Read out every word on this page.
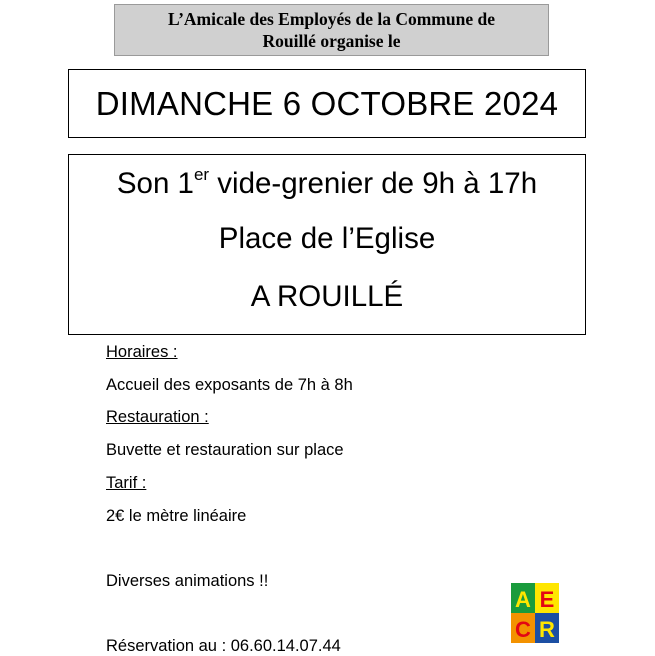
L’Amicale des Employés de la Commune de
Rouillé organise le
DIMANCHE 6 OCTOBRE 2024
Son 1er vide-grenier de 9h à 17h
Place de l’Eglise
A ROUILLÉ
Horaires :
Accueil des exposants de 7h à 8h
Restauration :
Buvette et restauration sur place
Tarif :
2€ le mètre linéaire
Diverses animations !!
Réservation au : 06.60.14.07.44
A E
C R
